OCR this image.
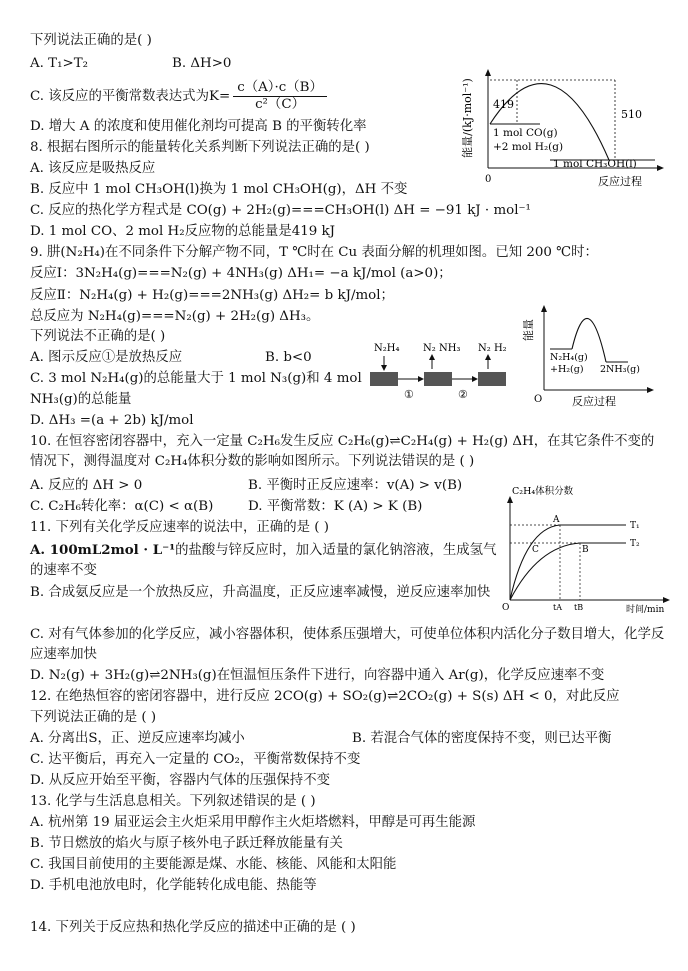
下列说法正确的是( )
A. T₁>T₂	B. ΔH>0
C. 该反应的平衡常数表达式为$K= \frac{c(A)\cdot c(B)}{\text{c²（C）}}$
D. 增大 A 的浓度和使用催化剂均可提高 B 的平衡转化率
8. 根据右图所示的能量转化关系判断下列说法正确的是( )
A. 该反应是吸热反应
B. 反应中 1 mol CH₃OH(l)换为 1 mol CH₃OH(g)，ΔH 不变
C. 反应的热化学方程式是 CO(g) + 2H₂(g)===CH₃OH(l) ΔH = −91 kJ · mol⁻¹
D. 1 mol CO、2 mol H₂反应物的总能量是419 kJ
能量/(kJ·mol⁻¹) 419
510
1 mol CO(g)
+2 mol H₂(g)
1 mol CH₃OH(l)
0	反应过程
9. 肼(N₂H₄)在不同条件下分解产物不同，T ℃时在 Cu 表面分解的机理如图。已知 200 ℃时：
反应Ⅰ：3N₂H₄(g)===N₂(g) + 4NH₃(g) ΔH₁= −a kJ/mol (a>0)；
反应Ⅱ：N₂H₄(g) + H₂(g)===2NH₃(g) ΔH₂= b kJ/mol；
总反应为 N₂H₄(g)===N₂(g) + 2H₂(g) ΔH₃。
下列说法不正确的是( )
A. 图示反应①是放热反应	B. b<0
C. 3 mol N₂H₄(g)的总能量大于 1 mol N₃(g)和 4 mol
NH₃(g)的总能量
D. ΔH₃ =(a + 2b) kJ/mol
N₂H₄ N₂ NH₃ N₂ H₂
①	②
能量
N₂H₄(g)
+H₂(g) 2NH₃(g)
O	反应过程
10. 在恒容密闭容器中，充入一定量 C₂H₆发生反应 C₂H₆(g)⇌C₂H₄(g) + H₂(g) ΔH，在其它条件不变的情况下，测得温度对 C₂H₄体积分数的影响如图所示。下列说法错误的是 ( )
A. 反应的 ΔH > 0	B. 平衡时正反应速率：v(A) > v(B)
C. C₂H₆转化率：α(C) < α(B)	D. 平衡常数：K (A) > K (B)
C₂H₄体积分数
A
B
C
T₁
T₂
O	tA tB	时间/min
11. 下列有关化学反应速率的说法中，正确的是 ( )
A. 100mL2mol · L⁻¹的盐酸与锌反应时，加入适量的氯化钠溶液，生成氢气的速率不变
B. 合成氨反应是一个放热反应，升高温度，正反应速率减慢，逆反应速率加快
C. 对有气体参加的化学反应，减小容器体积，使体系压强增大，可使单位体积内活化分子数目增大，化学反应速率加快
D. N₂(g) + 3H₂(g)⇌2NH₃(g)在恒温恒压条件下进行，向容器中通入 Ar(g)，化学反应速率不变
12. 在绝热恒容的密闭容器中，进行反应 2CO(g) + SO₂(g)⇌2CO₂(g) + S(s) ΔH < 0，对此反应
下列说法正确的是 ( )
A. 分离出S，正、逆反应速率均减小	B. 若混合气体的密度保持不变，则已达平衡
C. 达平衡后，再充入一定量的 CO₂，平衡常数保持不变
D. 从反应开始至平衡，容器内气体的压强保持不变
13. 化学与生活息息相关。下列叙述错误的是 ( )
A. 杭州第 19 届亚运会主火炬采用甲醇作主火炬塔燃料，甲醇是可再生能源
B. 节日燃放的焰火与原子核外电子跃迁释放能量有关
C. 我国目前使用的主要能源是煤、水能、核能、风能和太阳能
D. 手机电池放电时，化学能转化成电能、热能等
14. 下列关于反应热和热化学反应的描述中正确的是 ( )
